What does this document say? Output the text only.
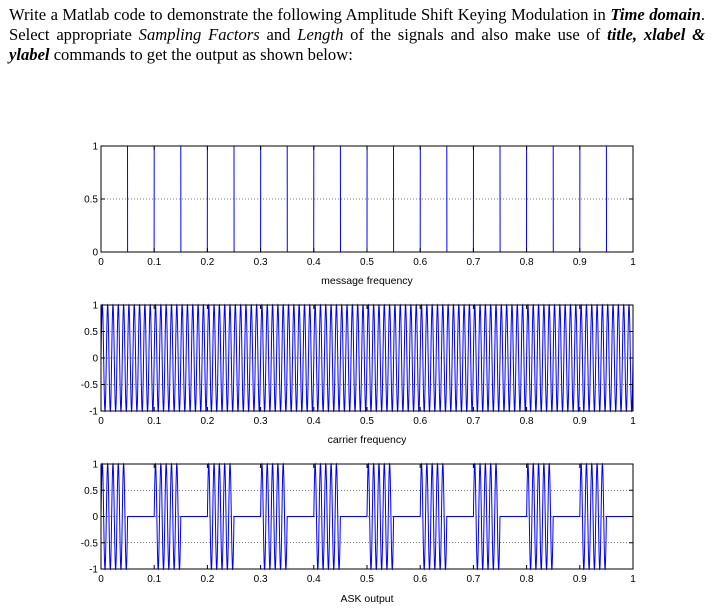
Write a Matlab code to demonstrate the following Amplitude Shift Keying Modulation in Time domain. Select appropriate Sampling Factors and Length of the signals and also make use of title, xlabel & ylabel commands to get the output as shown below:
0	0.1	0.2	0.3	0.4	0.5	0.6	0.7	0.8	0.9	1
0
0.5
1
message frequency
0	0.1	0.2	0.3	0.4	0.5	0.6	0.7	0.8	0.9	1
-1
-0.5
0
0.5
1
carrier frequency
0	0.1	0.2	0.3	0.4	0.5	0.6	0.7	0.8	0.9	1
-1
-0.5
0
0.5
1
ASK output
